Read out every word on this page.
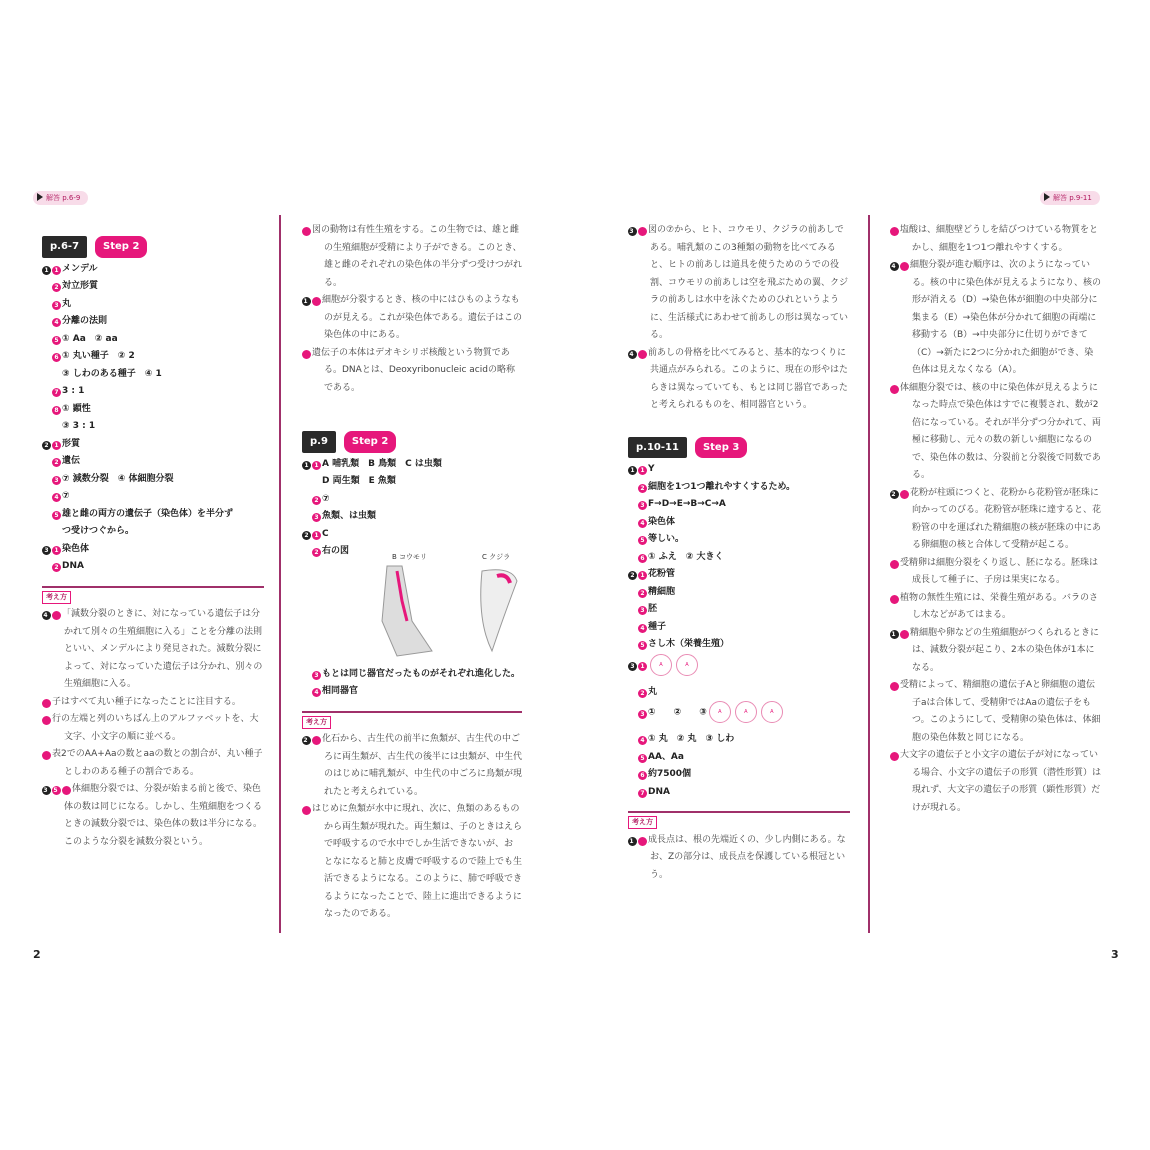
解答 p.6-9	解答 p.9-11
p.6-7	Step 2
1 1 メンデル
2 対立形質
3 丸
4 分離の法則
5 ① Aa　② aa
6 ① 丸い種子　② 2
③ しわのある種子　④ 1
7 3 : 1
8 ① 顕性
③ 3 : 1
2 1 形質
2 遺伝
3 ⑦ 減数分裂　④ 体細胞分裂
4 ⑦
5 雄と雌の両方の遺伝子（染色体）を半分ず
つ受けつぐから。
3 1 染色体
2 DNA
考え方
1 4 「減数分裂のときに、対になっている遺伝子は分かれて別々の生殖細胞に入る」ことを分離の法則といい、メンデルにより発見された。減数分裂によって、対になっていた遺伝子は分かれ、別々の生殖細胞に入る。
7 子はすべて丸い種子になったことに注目する。
5 行の左端と列のいちばん上のアルファベットを、大文字、小文字の順に並べる。
8 表2でのAA+Aaの数とaaの数との割合が、丸い種子としわのある種子の割合である。
2 3 5 体細胞分裂では、分裂が始まる前と後で、染色体の数は同じになる。しかし、生殖細胞をつくるときの減数分裂では、染色体の数は半分になる。このような分裂を減数分裂という。
5 図の動物は有性生殖をする。この生物では、雄と雌の生殖細胞が受精により子ができる。このとき、雄と雌のそれぞれの染色体の半分ずつ受けつがれる。
3 1 細胞が分裂するとき、核の中にはひものようなものが見える。これが染色体である。遺伝子はこの染色体の中にある。
2 遺伝子の本体はデオキシリボ核酸という物質である。DNAとは、Deoxyribonucleic acidの略称である。
p.9	Step 2
1 1 A 哺乳類　B 鳥類　C は虫類
D 両生類　E 魚類
2 ⑦
3 魚類、は虫類
2 1 C
2 右の図
B コウモリ	C クジラ
3 もとは同じ器官だったものがそれぞれ進化した。
4 相同器官
考え方
1 2 化石から、古生代の前半に魚類が、古生代の中ごろに両生類が、古生代の後半には虫類が、中生代のはじめに哺乳類が、中生代の中ごろに鳥類が現れたと考えられている。
3 はじめに魚類が水中に現れ、次に、魚類のあるものから両生類が現れた。両生類は、子のときはえらで呼吸するので水中でしか生活できないが、おとなになると肺と皮膚で呼吸するので陸上でも生活できるようになる。このように、肺で呼吸できるようになったことで、陸上に進出できるようになったのである。
2 3 図の⑦から、ヒト、コウモリ、クジラの前あしである。哺乳類のこの3種類の動物を比べてみると、ヒトの前あしは道具を使うためのうでの役割、コウモリの前あしは空を飛ぶための翼、クジラの前あしは水中を泳ぐためのひれというように、生活様式にあわせて前あしの形は異なっている。
2 4 前あしの骨格を比べてみると、基本的なつくりに共通点がみられる。このように、現在の形やはたらきは異なっていても、もとは同じ器官であったと考えられるものを、相同器官という。
p.10-11	Step 3
1 1 Y
2 細胞を1つ1つ離れやすくするため。
3 F→D→E→B→C→A
4 染色体
5 等しい。
6 ① ふえ　② 大きく
2 1 花粉管
2 精細胞
3 胚
4 種子
5 さし木（栄養生殖）
3 1	A	A
2 丸
3 ①　　②　　③ A	A	A
4 ① 丸　② 丸　③ しわ
5 AA、Aa
6 約7500個
7 DNA
考え方
1 1 成長点は、根の先端近くの、少し内側にある。なお、Zの部分は、成長点を保護している根冠という。
2 塩酸は、細胞壁どうしを結びつけている物質をとかし、細胞を1つ1つ離れやすくする。
3 4 細胞分裂が進む順序は、次のようになっている。核の中に染色体が見えるようになり、核の形が消える（D）→染色体が細胞の中央部分に集まる（E）→染色体が分かれて細胞の両端に移動する（B）→中央部分に仕切りができて（C）→新たに2つに分かれた細胞ができ、染色体は見えなくなる（A）。
5 体細胞分裂では、核の中に染色体が見えるようになった時点で染色体はすでに複製され、数が2倍になっている。それが半分ずつ分かれて、両極に移動し、元々の数の新しい細胞になるので、染色体の数は、分裂前と分裂後で同数である。
2 2 花粉が柱頭につくと、花粉から花粉管が胚珠に向かってのびる。花粉管が胚珠に達すると、花粉管の中を運ばれた精細胞の核が胚珠の中にある卵細胞の核と合体して受精が起こる。
3 受精卵は細胞分裂をくり返し、胚になる。胚珠は成長して種子に、子房は果実になる。
5 植物の無性生殖には、栄養生殖がある。バラのさし木などがあてはまる。
3 1 精細胞や卵などの生殖細胞がつくられるときには、減数分裂が起こり、2本の染色体が1本になる。
3 受精によって、精細胞の遺伝子Aと卵細胞の遺伝子aは合体して、受精卵ではAaの遺伝子をもつ。このようにして、受精卵の染色体は、体細胞の染色体数と同じになる。
4 大文字の遺伝子と小文字の遺伝子が対になっている場合、小文字の遺伝子の形質（潜性形質）は現れず、大文字の遺伝子の形質（顕性形質）だけが現れる。
2	3
